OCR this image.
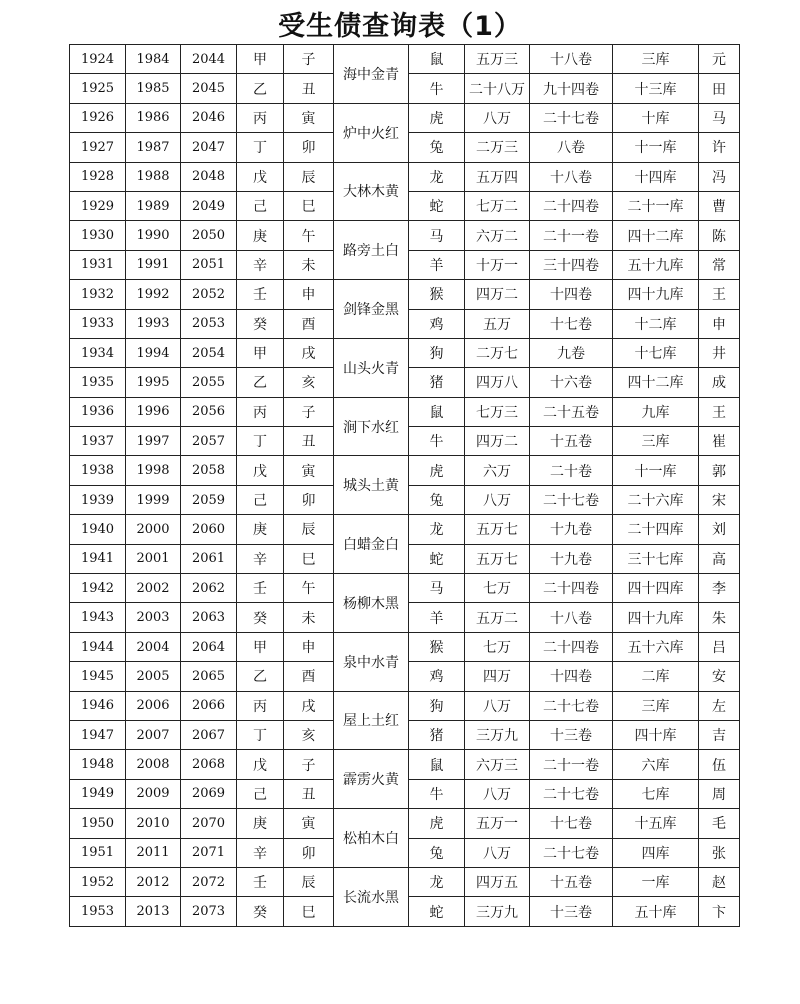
受生债查询表（1）
1924	1984	2044	甲	子	海中金青	鼠	五万三	十八卷	三库	元
1925	1985	2045	乙	丑		牛	二十八万	九十四卷	十三库	田
1926	1986	2046	丙	寅	炉中火红	虎	八万	二十七卷	十库	马
1927	1987	2047	丁	卯		兔	二万三	八卷	十一库	许
1928	1988	2048	戊	辰	大林木黄	龙	五万四	十八卷	十四库	冯
1929	1989	2049	己	巳		蛇	七万二	二十四卷	二十一库	曹
1930	1990	2050	庚	午	路旁土白	马	六万二	二十一卷	四十二库	陈
1931	1991	2051	辛	未		羊	十万一	三十四卷	五十九库	常
1932	1992	2052	壬	申	剑锋金黑	猴	四万二	十四卷	四十九库	王
1933	1993	2053	癸	酉		鸡	五万	十七卷	十二库	申
1934	1994	2054	甲	戌	山头火青	狗	二万七	九卷	十七库	井
1935	1995	2055	乙	亥		猪	四万八	十六卷	四十二库	成
1936	1996	2056	丙	子	涧下水红	鼠	七万三	二十五卷	九库	王
1937	1997	2057	丁	丑		牛	四万二	十五卷	三库	崔
1938	1998	2058	戊	寅	城头土黄	虎	六万	二十卷	十一库	郭
1939	1999	2059	己	卯		兔	八万	二十七卷	二十六库	宋
1940	2000	2060	庚	辰	白蜡金白	龙	五万七	十九卷	二十四库	刘
1941	2001	2061	辛	巳		蛇	五万七	十九卷	三十七库	高
1942	2002	2062	壬	午	杨柳木黑	马	七万	二十四卷	四十四库	李
1943	2003	2063	癸	未		羊	五万二	十八卷	四十九库	朱
1944	2004	2064	甲	申	泉中水青	猴	七万	二十四卷	五十六库	吕
1945	2005	2065	乙	酉		鸡	四万	十四卷	二库	安
1946	2006	2066	丙	戌	屋上土红	狗	八万	二十七卷	三库	左
1947	2007	2067	丁	亥		猪	三万九	十三卷	四十库	吉
1948	2008	2068	戊	子	霹雳火黄	鼠	六万三	二十一卷	六库	伍
1949	2009	2069	己	丑		牛	八万	二十七卷	七库	周
1950	2010	2070	庚	寅	松柏木白	虎	五万一	十七卷	十五库	毛
1951	2011	2071	辛	卯		兔	八万	二十七卷	四库	张
1952	2012	2072	壬	辰	长流水黑	龙	四万五	十五卷	一库	赵
1953	2013	2073	癸	巳		蛇	三万九	十三卷	五十库	卞
